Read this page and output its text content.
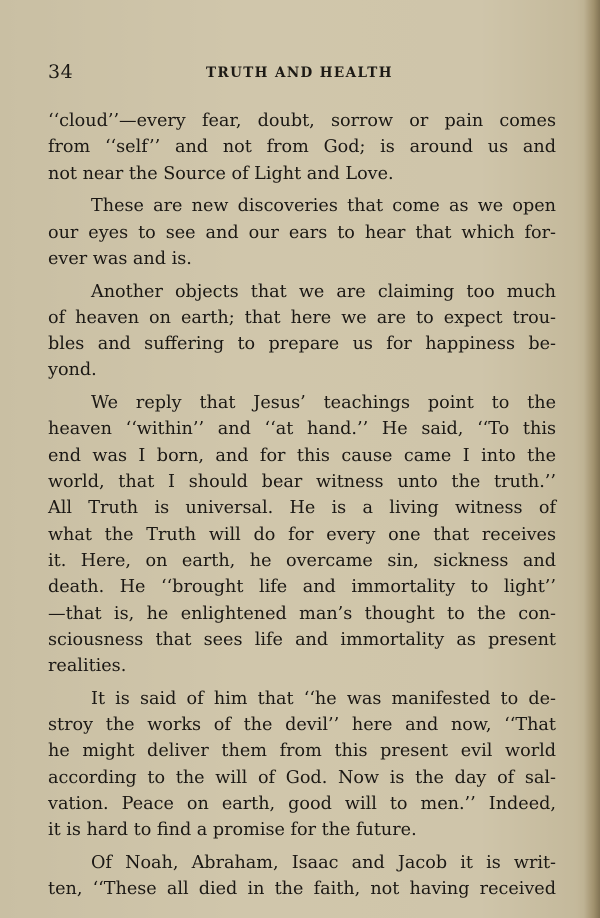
34	TRUTH AND HEALTH

‘‘cloud’’—every fear, doubt, sorrow or pain comes
from ‘‘self’’ and not from God; is around us and
not near the Source of Light and Love.

These are new discoveries that come as we open
our eyes to see and our ears to hear that which for-
ever was and is.

Another objects that we are claiming too much
of heaven on earth; that here we are to expect trou-
bles and suffering to prepare us for happiness be-
yond.

We reply that Jesus’ teachings point to the
heaven ‘‘within’’ and ‘‘at hand.’’ He said, ‘‘To this
end was I born, and for this cause came I into the
world, that I should bear witness unto the truth.’’
All Truth is universal. He is a living witness of
what the Truth will do for every one that receives
it. Here, on earth, he overcame sin, sickness and
death. He ‘‘brought life and immortality to light’’
—that is, he enlightened man’s thought to the con-
sciousness that sees life and immortality as present
realities.

It is said of him that ‘‘he was manifested to de-
stroy the works of the devil’’ here and now, ‘‘That
he might deliver them from this present evil world
according to the will of God. Now is the day of sal-
vation. Peace on earth, good will to men.’’ Indeed,
it is hard to find a promise for the future.

Of Noah, Abraham, Isaac and Jacob it is writ-
ten, ‘‘These all died in the faith, not having received
